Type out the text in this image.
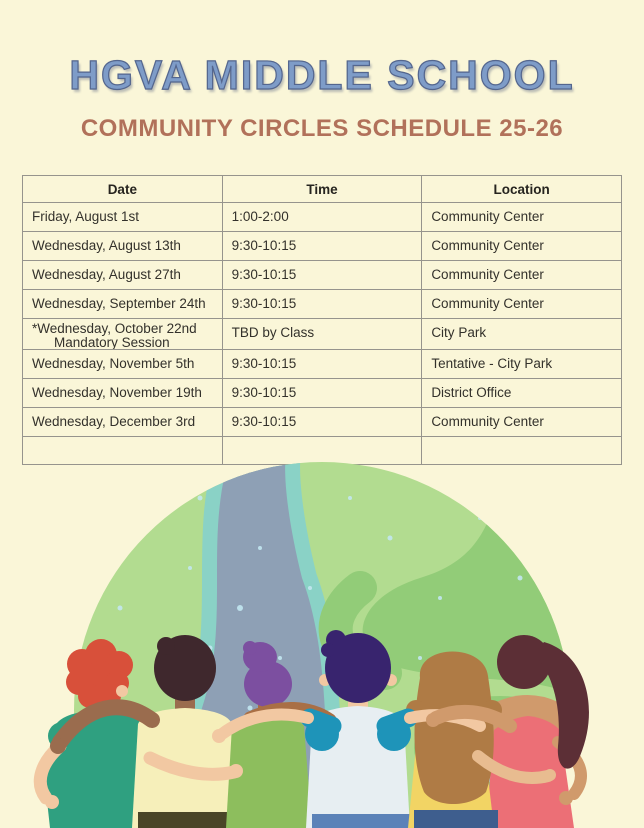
HGVA MIDDLE SCHOOL
COMMUNITY CIRCLES SCHEDULE 25-26
Date	Time	Location

Friday, August 1st	1:00-2:00	Community Center

Wednesday, August 13th	9:30-10:15	Community Center

Wednesday, August 27th	9:30-10:15	Community Center

Wednesday, September 24th	9:30-10:15	Community Center

*Wednesday, October 22nd
Mandatory Session	TBD by Class	City Park

Wednesday, November 5th	9:30-10:15	Tentative - City Park

Wednesday, November 19th	9:30-10:15	District Office

Wednesday, December 3rd	9:30-10:15	Community Center
